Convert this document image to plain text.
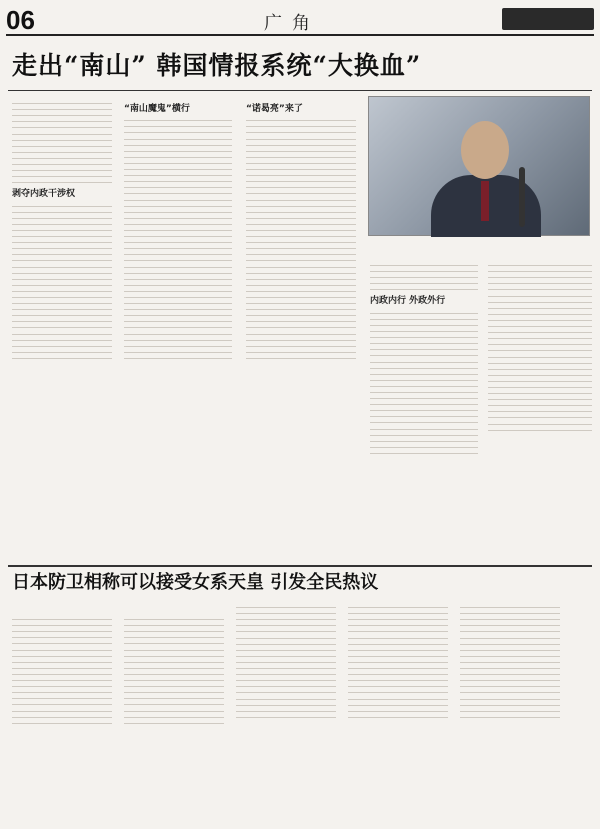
06	广角
走出“南山” 韩国情报系统“大换血”

剥夺内政干涉权

“南山魔鬼”横行	“诺曷亮”来了

内政内行 外政外行

日本防卫相称可以接受女系天皇 引发全民热议
